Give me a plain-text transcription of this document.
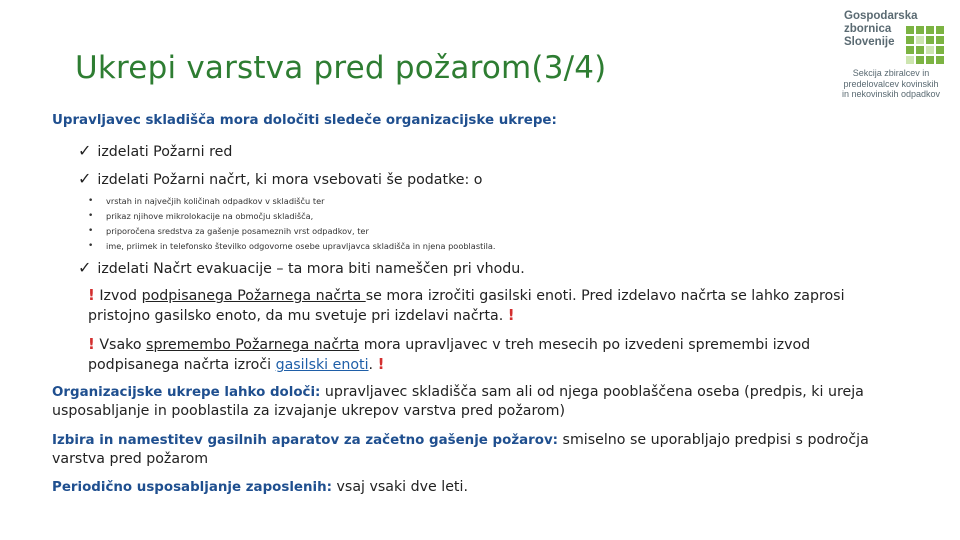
Ukrepi varstva pred požarom(3/4)
Gospodarska
zbornica
Slovenije
Sekcija zbiralcev in
predelovalcev kovinskih
in nekovinskih odpadkov

Upravljavec skladišča mora določiti sledeče organizacijske ukrepe:

✓ izdelati Požarni red

✓ izdelati Požarni načrt, ki mora vsebovati še podatke: o

• vrstah in največjih količinah odpadkov v skladišču ter
• prikaz njihove mikrolokacije na območju skladišča,
• priporočena sredstva za gašenje posameznih vrst odpadkov, ter
• ime, priimek in telefonsko številko odgovorne osebe upravljavca skladišča in njena pooblastila.

✓ izdelati Načrt evakuacije – ta mora biti nameščen pri vhodu.

! Izvod podpisanega Požarnega načrta se mora izročiti gasilski enoti. Pred izdelavo načrta se lahko zaprosi
pristojno gasilsko enoto, da mu svetuje pri izdelavi načrta. !

! Vsako spremembo Požarnega načrta mora upravljavec v treh mesecih po izvedeni spremembi izvod
podpisanega načrta izroči gasilski enoti. !

Organizacijske ukrepe lahko določi: upravljavec skladišča sam ali od njega pooblaščena oseba (predpis, ki ureja
usposabljanje in pooblastila za izvajanje ukrepov varstva pred požarom)

Izbira in namestitev gasilnih aparatov za začetno gašenje požarov: smiselno se uporabljajo predpisi s področja
varstva pred požarom

Periodično usposabljanje zaposlenih: vsaj vsaki dve leti.
